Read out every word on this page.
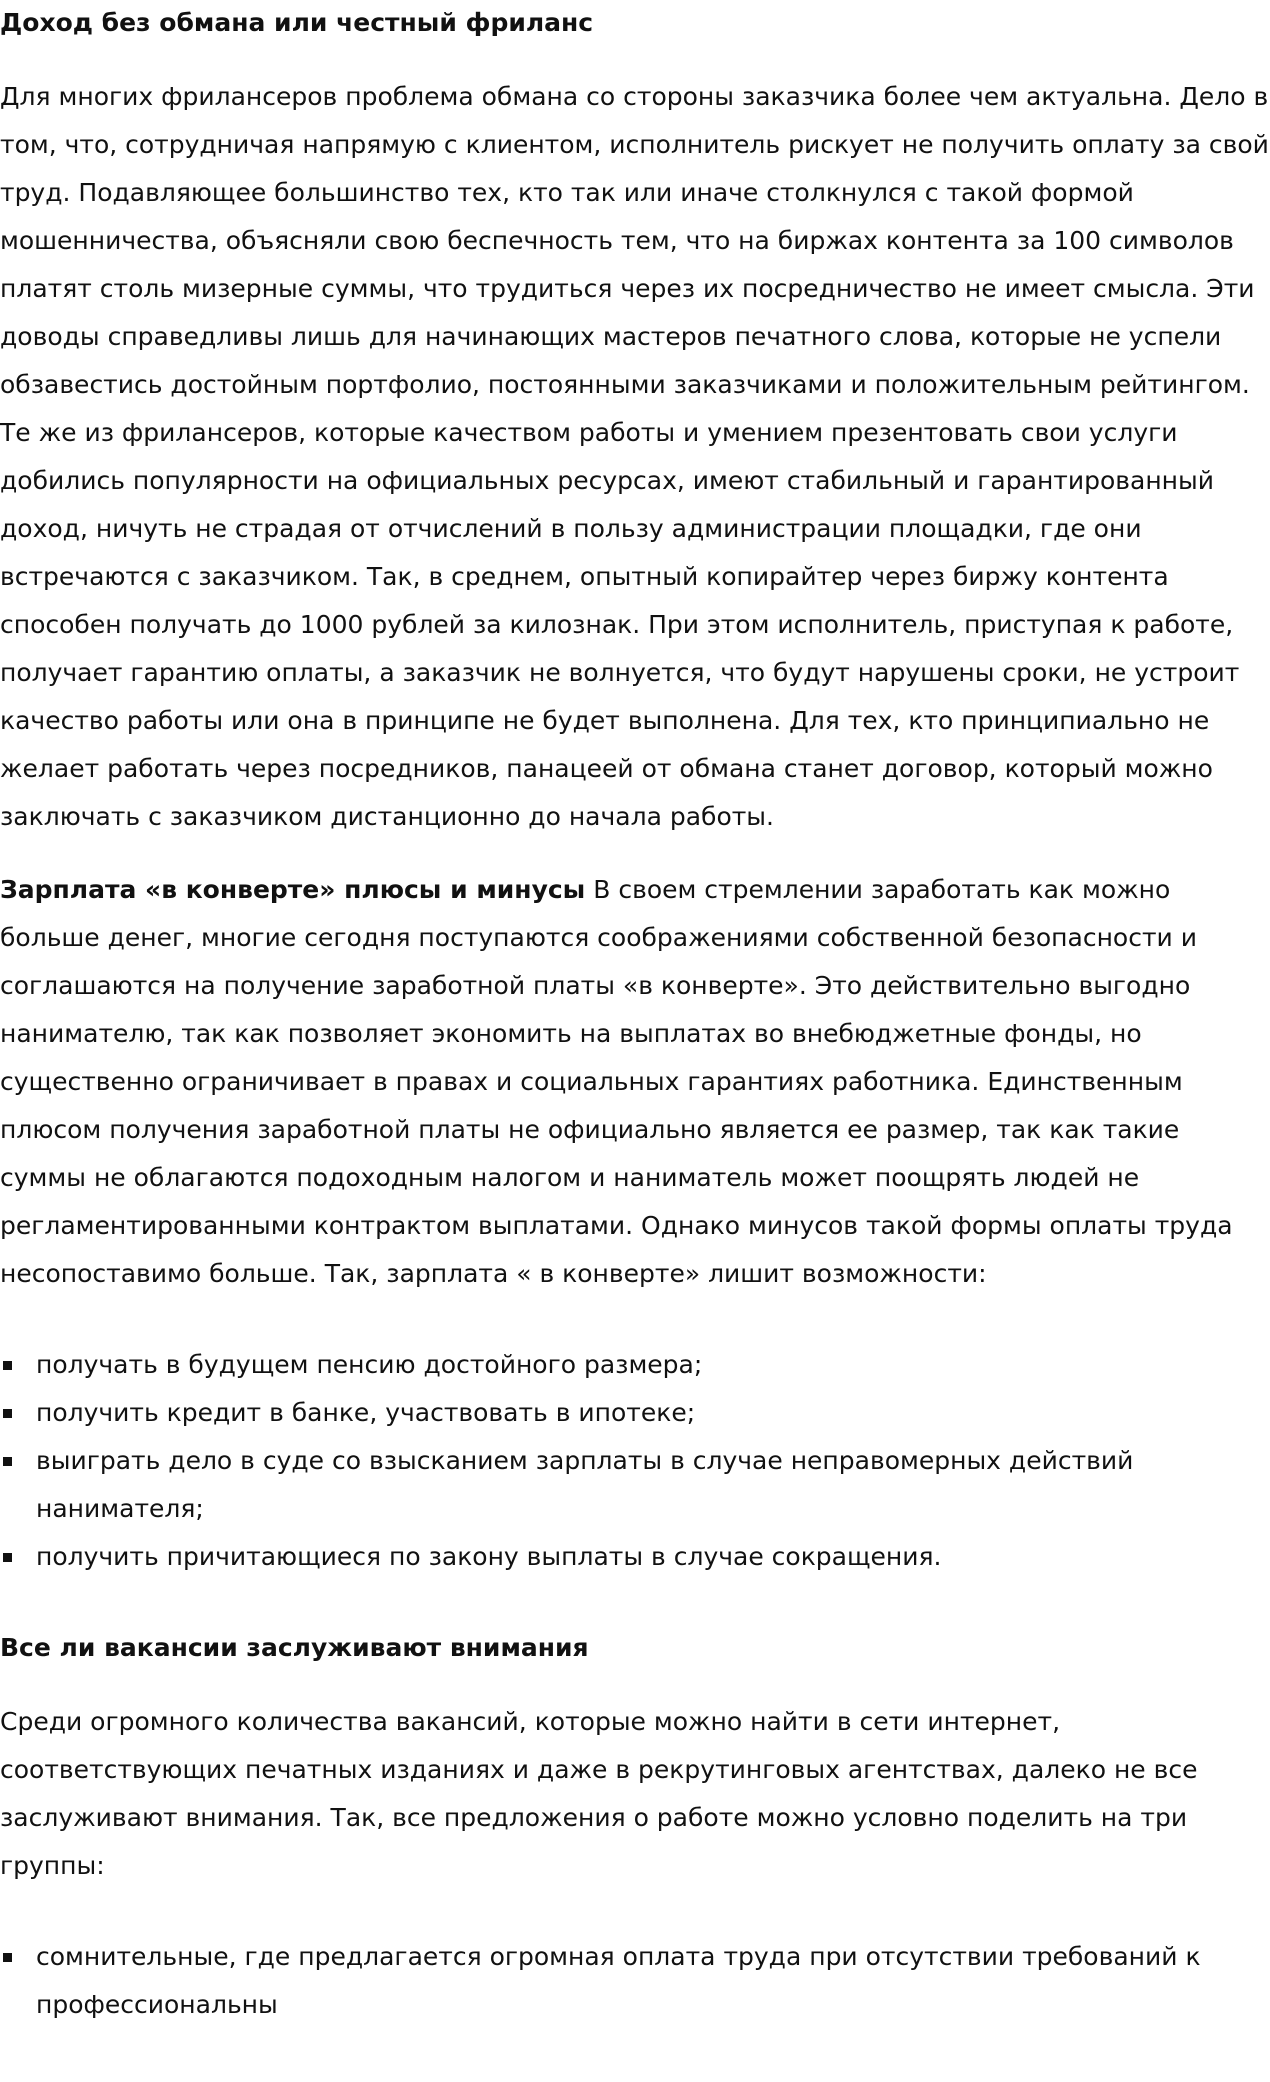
Доход без обмана или честный фриланс

Для многих фрилансеров проблема обмана со стороны заказчика более чем актуальна. Дело в том, что, сотрудничая напрямую с клиентом, исполнитель рискует не получить оплату за свой труд. Подавляющее большинство тех, кто так или иначе столкнулся с такой формой мошенничества, объясняли свою беспечность тем, что на биржах контента за 100 символов платят столь мизерные суммы, что трудиться через их посредничество не имеет смысла. Эти доводы справедливы лишь для начинающих мастеров печатного слова, которые не успели обзавестись достойным портфолио, постоянными заказчиками и положительным рейтингом. Те же из фрилансеров, которые качеством работы и умением презентовать свои услуги добились популярности на официальных ресурсах, имеют стабильный и гарантированный доход, ничуть не страдая от отчислений в пользу администрации площадки, где они встречаются с заказчиком. Так, в среднем, опытный копирайтер через биржу контента способен получать до 1000 рублей за килознак. При этом исполнитель, приступая к работе, получает гарантию оплаты, а заказчик не волнуется, что будут нарушены сроки, не устроит качество работы или она в принципе не будет выполнена. Для тех, кто принципиально не желает работать через посредников, панацеей от обмана станет договор, который можно заключать с заказчиком дистанционно до начала работы.

Зарплата «в конверте» плюсы и минусы В своем стремлении заработать как можно больше денег, многие сегодня поступаются соображениями собственной безопасности и соглашаются на получение заработной платы «в конверте». Это действительно выгодно нанимателю, так как позволяет экономить на выплатах во внебюджетные фонды, но существенно ограничивает в правах и социальных гарантиях работника. Единственным плюсом получения заработной платы не официально является ее размер, так как такие суммы не облагаются подоходным налогом и наниматель может поощрять людей не регламентированными контрактом выплатами. Однако минусов такой формы оплаты труда несопоставимо больше. Так, зарплата « в конверте» лишит возможности:

получать в будущем пенсию достойного размера;
получить кредит в банке, участвовать в ипотеке;
выиграть дело в суде со взысканием зарплаты в случае неправомерных действий нанимателя;
получить причитающиеся по закону выплаты в случае сокращения.
Все ли вакансии заслуживают внимания

Среди огромного количества вакансий, которые можно найти в сети интернет, соответствующих печатных изданиях и даже в рекрутинговых агентствах, далеко не все заслуживают внимания. Так, все предложения о работе можно условно поделить на три группы:

сомнительные, где предлагается огромная оплата труда при отсутствии требований к профессиональны
